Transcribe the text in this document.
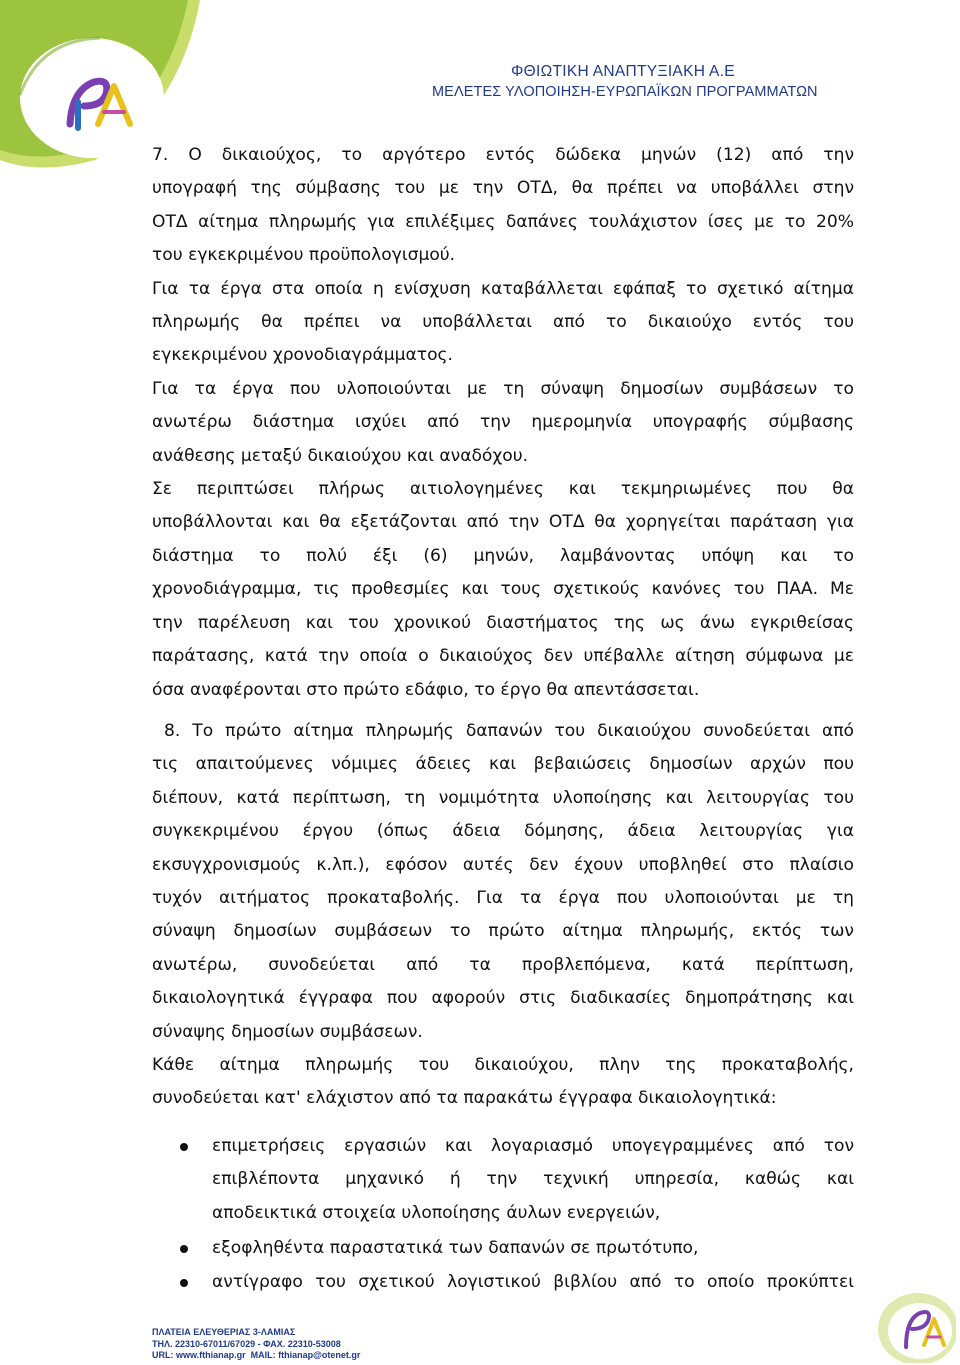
ΦΘΙΩΤΙΚΗ ΑΝΑΠΤΥΞΙΑΚΗ Α.Ε
ΜΕΛΕΤΕΣ ΥΛΟΠΟΙΗΣΗ-ΕΥΡΩΠΑΪΚΩΝ ΠΡΟΓΡΑΜΜΑΤΩΝ
7. Ο δικαιούχος, το αργότερο εντός δώδεκα μηνών (12) από την
υπογραφή της σύμβασης του με την ΟΤΔ, θα πρέπει να υποβάλλει στην
ΟΤΔ αίτημα πληρωμής για επιλέξιμες δαπάνες τουλάχιστον ίσες με το 20%
του εγκεκριμένου προϋπολογισμού.
Για τα έργα στα οποία η ενίσχυση καταβάλλεται εφάπαξ το σχετικό αίτημα
πληρωμής θα πρέπει να υποβάλλεται από το δικαιούχο εντός του
εγκεκριμένου χρονοδιαγράμματος.
Για τα έργα που υλοποιούνται με τη σύναψη δημοσίων συμβάσεων το
ανωτέρω διάστημα ισχύει από την ημερομηνία υπογραφής σύμβασης
ανάθεσης μεταξύ δικαιούχου και αναδόχου.
Σε περιπτώσει πλήρως αιτιολογημένες και τεκμηριωμένες που θα
υποβάλλονται και θα εξετάζονται από την ΟΤΔ θα χορηγείται παράταση για
διάστημα το πολύ έξι (6) μηνών, λαμβάνοντας υπόψη και το
χρονοδιάγραμμα, τις προθεσμίες και τους σχετικούς κανόνες του ΠΑΑ. Με
την παρέλευση και του χρονικού διαστήματος της ως άνω εγκριθείσας
παράτασης, κατά την οποία ο δικαιούχος δεν υπέβαλλε αίτηση σύμφωνα με
όσα αναφέρονται στο πρώτο εδάφιο, το έργο θα απεντάσσεται.
8. Το πρώτο αίτημα πληρωμής δαπανών του δικαιούχου συνοδεύεται από
τις απαιτούμενες νόμιμες άδειες και βεβαιώσεις δημοσίων αρχών που
διέπουν, κατά περίπτωση, τη νομιμότητα υλοποίησης και λειτουργίας του
συγκεκριμένου έργου (όπως άδεια δόμησης, άδεια λειτουργίας για
εκσυγχρονισμούς κ.λπ.), εφόσον αυτές δεν έχουν υποβληθεί στο πλαίσιο
τυχόν αιτήματος προκαταβολής. Για τα έργα που υλοποιούνται με τη
σύναψη δημοσίων συμβάσεων το πρώτο αίτημα πληρωμής, εκτός των
ανωτέρω, συνοδεύεται από τα προβλεπόμενα, κατά περίπτωση,
δικαιολογητικά έγγραφα που αφορούν στις διαδικασίες δημοπράτησης και
σύναψης δημοσίων συμβάσεων.
Κάθε αίτημα πληρωμής του δικαιούχου, πλην της προκαταβολής,
συνοδεύεται κατ' ελάχιστον από τα παρακάτω έγγραφα δικαιολογητικά:
επιμετρήσεις εργασιών και λογαριασμό υπογεγραμμένες από τον
επιβλέποντα μηχανικό ή την τεχνική υπηρεσία, καθώς και
αποδεικτικά στοιχεία υλοποίησης άυλων ενεργειών,
εξοφληθέντα παραστατικά των δαπανών σε πρωτότυπο,
αντίγραφο του σχετικού λογιστικού βιβλίου από το οποίο προκύπτει
ΠΛΑΤΕΙΑ ΕΛΕΥΘΕΡΙΑΣ 3-ΛΑΜΙΑΣ
ΤΗΛ. 22310-67011/67029 - ΦΑΧ. 22310-53008
URL: www.fthianap.gr  MAIL: fthianap@otenet.gr
